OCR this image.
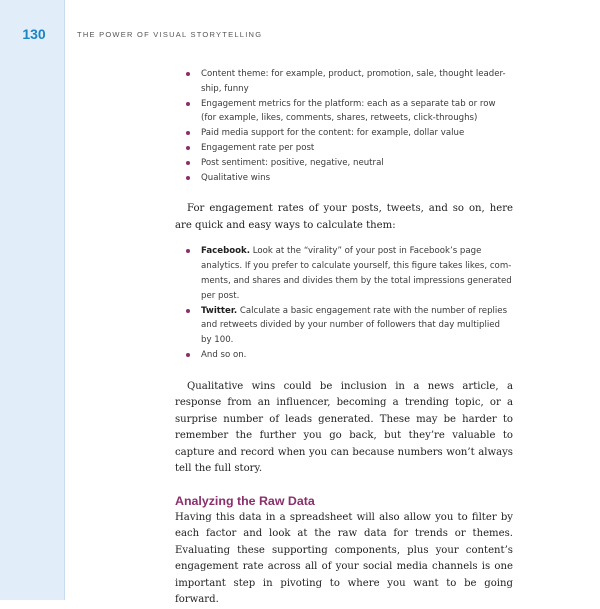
130	THE POWER OF VISUAL STORYTELLING
Content theme: for example, product, promotion, sale, thought leader-ship, funny
Engagement metrics for the platform: each as a separate tab or row (for example, likes, comments, shares, retweets, click-throughs)
Paid media support for the content: for example, dollar value
Engagement rate per post
Post sentiment: positive, negative, neutral
Qualitative wins

For engagement rates of your posts, tweets, and so on, here are quick and easy ways to calculate them:

Facebook. Look at the “virality” of your post in Facebook’s page analytics. If you prefer to calculate yourself, this figure takes likes, com-ments, and shares and divides them by the total impressions generated per post.
Twitter. Calculate a basic engagement rate with the number of replies and retweets divided by your number of followers that day multiplied by 100.
And so on.

Qualitative wins could be inclusion in a news article, a response from an influencer, becoming a trending topic, or a surprise number of leads generated. These may be harder to remember the further you go back, but they’re valuable to capture and record when you can because numbers won’t always tell the full story.

Analyzing the Raw Data

Having this data in a spreadsheet will also allow you to filter by each factor and look at the raw data for trends or themes. Evaluating these supporting components, plus your content’s engagement rate across all of your social media channels is one important step in pivoting to where you want to be going forward.
